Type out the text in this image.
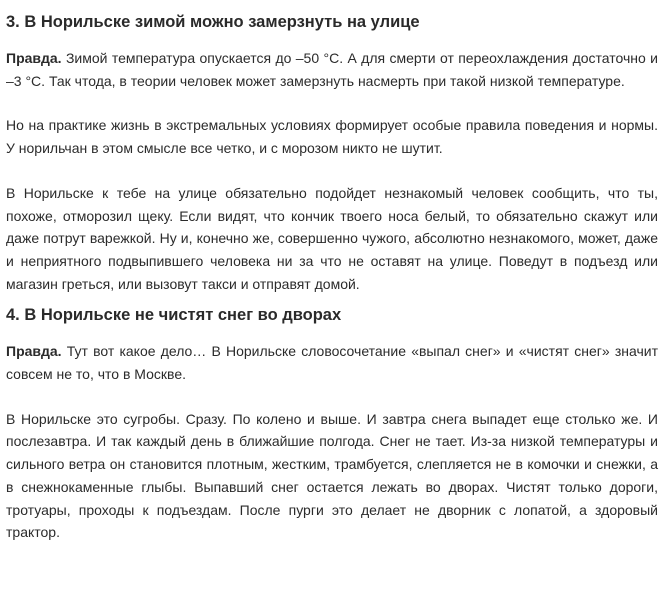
3. В Норильске зимой можно замерзнуть на улице

Правда. Зимой температура опускается до –50 °С. А для смерти от переохлаждения достаточно и –3 °С. Так чтода, в теории человек может замерзнуть насмерть при такой низкой температуре.

Но на практике жизнь в экстремальных условиях формирует особые правила поведения и нормы. У норильчан в этом смысле все четко, и с морозом никто не шутит.

В Норильске к тебе на улице обязательно подойдет незнакомый человек сообщить, что ты, похоже, отморозил щеку. Если видят, что кончик твоего носа белый, то обязательно скажут или даже потрут варежкой. Ну и, конечно же, совершенно чужого, абсолютно незнакомого, может, даже и неприятного подвыпившего человека ни за что не оставят на улице. Поведут в подъезд или магазин греться, или вызовут такси и отправят домой.

4. В Норильске не чистят снег во дворах

Правда. Тут вот какое дело… В Норильске словосочетание «выпал снег» и «чистят снег» значит совсем не то, что в Москве.

В Норильске это сугробы. Сразу. По колено и выше. И завтра снега выпадет еще столько же. И послезавтра. И так каждый день в ближайшие полгода. Снег не тает. Из-за низкой температуры и сильного ветра он становится плотным, жестким, трамбуется, слепляется не в комочки и снежки, а в снежнокаменные глыбы. Выпавший снег остается лежать во дворах. Чистят только дороги, тротуары, проходы к подъездам. После пурги это делает не дворник с лопатой, а здоровый трактор.
